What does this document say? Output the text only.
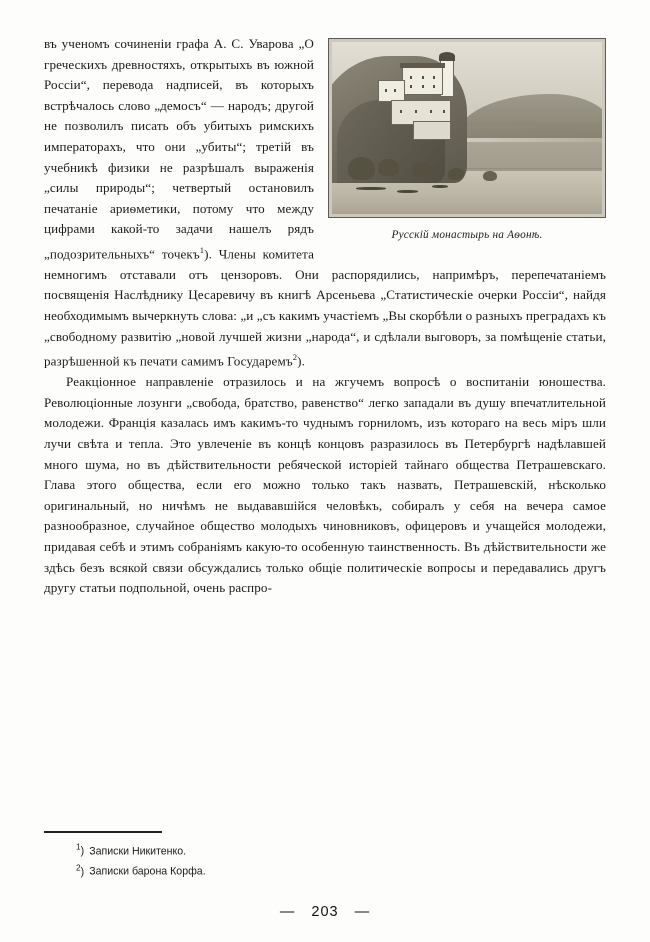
Русскій монастырь на Аѳонѣ.

въ ученомъ сочиненіи графа А. С. Уварова „О греческихъ древностяхъ, открытыхъ въ южной Россіи“, перевода надписей, въ которыхъ встрѣчалось слово „демосъ“ — народъ; другой не позволилъ писать объ убитыхъ римскихъ императорахъ, что они „убиты“; третій въ учебникѣ физики не разрѣшалъ выраженія „силы природы“; четвертый остановилъ печатаніе ариѳметики, потому что между цифрами какой-то задачи нашелъ рядъ „подозрительныхъ“ точекъ$^1$). Члены комитета немногимъ отставали отъ цензоровъ. Они распорядились, напримѣръ, перепечатаніемъ посвященія Наслѣднику Цесаревичу въ книгѣ Арсеньева „Статистическіе очерки Россіи“, найдя необходимымъ вычеркнуть слова: „и „съ какимъ участіемъ „Вы скорбѣли о разныхъ преградахъ къ „свободному развитію „новой лучшей жизни „народа“, и сдѣлали выговоръ, за помѣщеніе статьи, разрѣшенной къ печати самимъ Государемъ$^2$).

Реакціонное направленіе отразилось и на жгучемъ вопросѣ о воспитаніи юношества. Революціонные лозунги „свобода, братство, равенство“ легко западали въ душу впечатлительной молодежи. Франція казалась имъ какимъ-то чуднымъ горниломъ, изъ котораго на весь міръ шли лучи свѣта и тепла. Это увлеченіе въ концѣ концовъ разразилось въ Петербургѣ надѣлавшей много шума, но въ дѣйствительности ребяческой исторіей тайнаго общества Петрашевскаго. Глава этого общества, если его можно только такъ назвать, Петрашевскій, нѣсколько оригинальный, но ничѣмъ не выдававшійся человѣкъ, собиралъ у себя на вечера самое разнообразное, случайное общество молодыхъ чиновниковъ, офицеровъ и учащейся молодежи, придавая себѣ и этимъ собраніямъ какую-то особенную таинственность. Въ дѣйствительности же здѣсь безъ всякой связи обсуждались только общіе политическіе вопросы и передавались другъ другу статьи подпольной, очень распро-

$^1$) Записки Никитенко.
$^2$) Записки барона Корфа.
— 203 —
